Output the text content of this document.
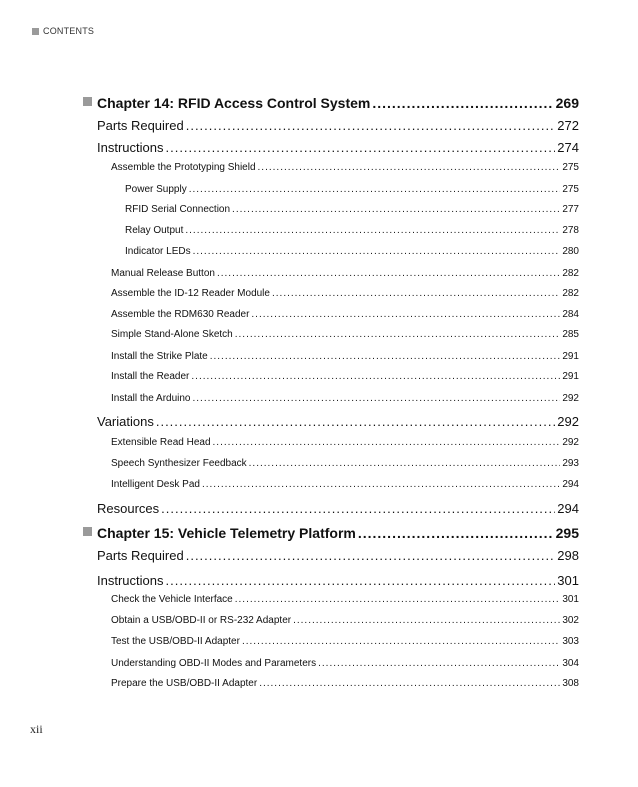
CONTENTS
Chapter 14: RFID Access Control System .....	269
Parts Required .....	272
Instructions .....	274
Assemble the Prototyping Shield .....	275
Power Supply .....	275
RFID Serial Connection .....	277
Relay Output .....	278
Indicator LEDs .....	280
Manual Release Button .....	282
Assemble the ID-12 Reader Module .....	282
Assemble the RDM630 Reader .....	284
Simple Stand-Alone Sketch .....	285
Install the Strike Plate .....	291
Install the Reader .....	291
Install the Arduino .....	292
Variations .....	292
Extensible Read Head .....	292
Speech Synthesizer Feedback .....	293
Intelligent Desk Pad .....	294
Resources .....	294
Chapter 15: Vehicle Telemetry Platform .....	295
Parts Required .....	298
Instructions .....	301
Check the Vehicle Interface .....	301
Obtain a USB/OBD-II or RS-232 Adapter .....	302
Test the USB/OBD-II Adapter .....	303
Understanding OBD-II Modes and Parameters .....	304
Prepare the USB/OBD-II Adapter .....	308
xii
